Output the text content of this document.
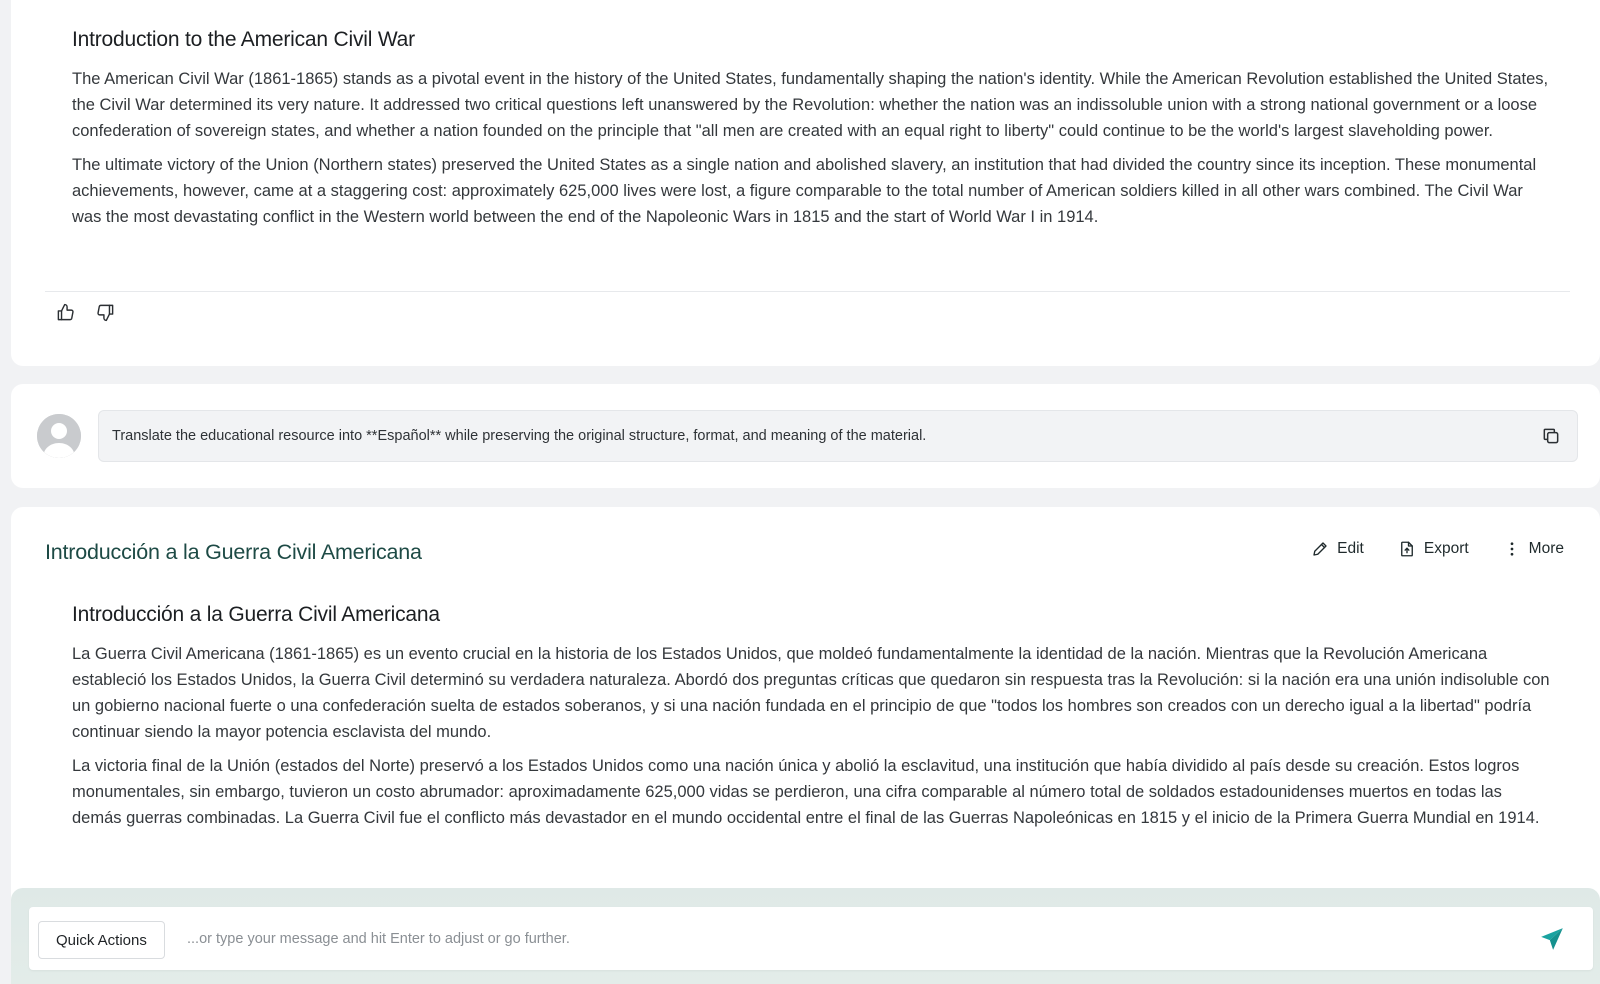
Introduction to the American Civil War

The American Civil War (1861-1865) stands as a pivotal event in the history of the United States, fundamentally shaping the nation's identity. While the American Revolution established the United States, the Civil War determined its very nature. It addressed two critical questions left unanswered by the Revolution: whether the nation was an indissoluble union with a strong national government or a loose confederation of sovereign states, and whether a nation founded on the principle that "all men are created with an equal right to liberty" could continue to be the world's largest slaveholding power.

The ultimate victory of the Union (Northern states) preserved the United States as a single nation and abolished slavery, an institution that had divided the country since its inception. These monumental achievements, however, came at a staggering cost: approximately 625,000 lives were lost, a figure comparable to the total number of American soldiers killed in all other wars combined. The Civil War was the most devastating conflict in the Western world between the end of the Napoleonic Wars in 1815 and the start of World War I in 1914.

Translate the educational resource into **Español** while preserving the original structure, format, and meaning of the material.
Introducción a la Guerra Civil Americana	Edit	Export	More
Introducción a la Guerra Civil Americana

La Guerra Civil Americana (1861-1865) es un evento crucial en la historia de los Estados Unidos, que moldeó fundamentalmente la identidad de la nación. Mientras que la Revolución Americana estableció los Estados Unidos, la Guerra Civil determinó su verdadera naturaleza. Abordó dos preguntas críticas que quedaron sin respuesta tras la Revolución: si la nación era una unión indisoluble con un gobierno nacional fuerte o una confederación suelta de estados soberanos, y si una nación fundada en el principio de que "todos los hombres son creados con un derecho igual a la libertad" podría continuar siendo la mayor potencia esclavista del mundo.

La victoria final de la Unión (estados del Norte) preservó a los Estados Unidos como una nación única y abolió la esclavitud, una institución que había dividido al país desde su creación. Estos logros monumentales, sin embargo, tuvieron un costo abrumador: aproximadamente 625,000 vidas se perdieron, una cifra comparable al número total de soldados estadounidenses muertos en todas las demás guerras combinadas. La Guerra Civil fue el conflicto más devastador en el mundo occidental entre el final de las Guerras Napoleónicas en 1815 y el inicio de la Primera Guerra Mundial en 1914.

Quick Actions
...or type your message and hit Enter to adjust or go further.
